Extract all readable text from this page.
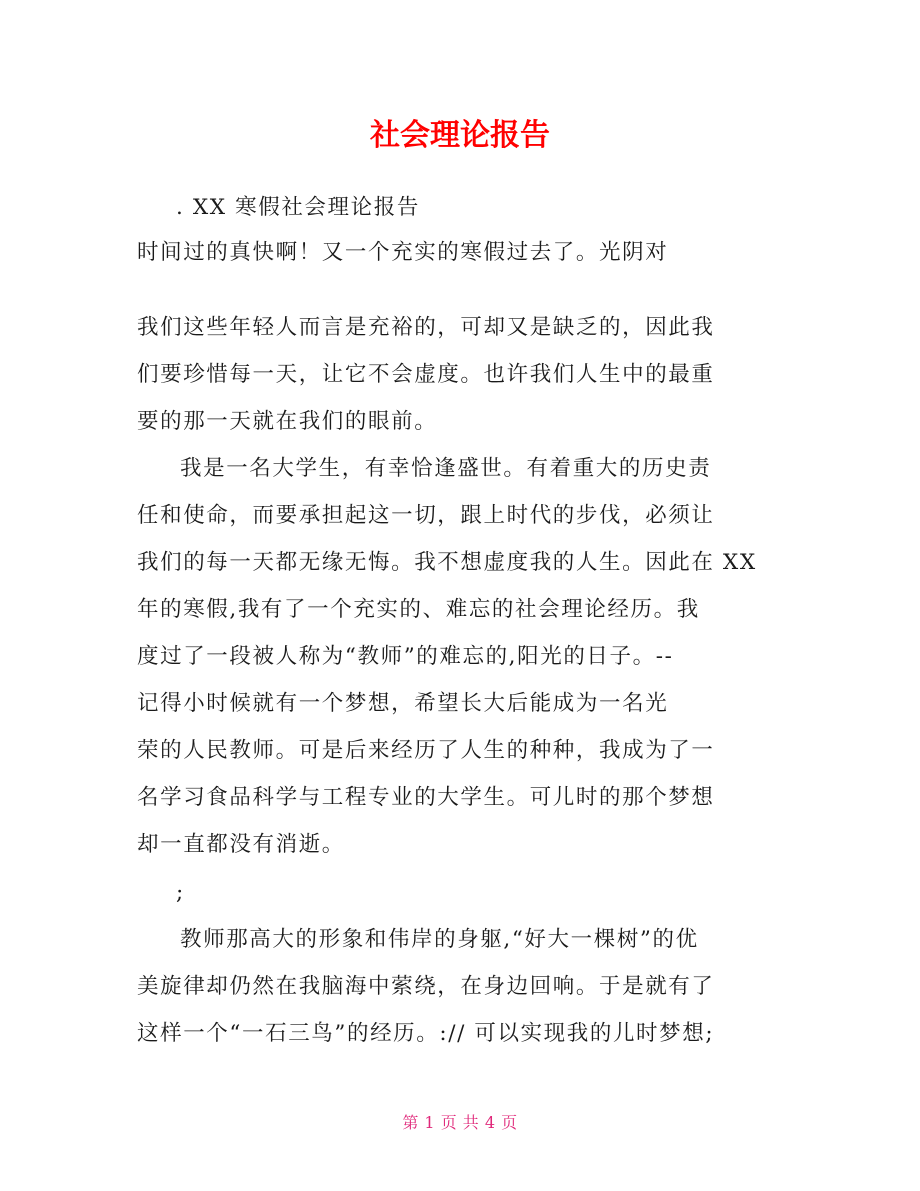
社会理论报告
. XX 寒假社会理论报告
时间过的真快啊！又一个充实的寒假过去了。光阴对
我们这些年轻人而言是充裕的，可却又是缺乏的，因此我
们要珍惜每一天，让它不会虚度。也许我们人生中的最重
要的那一天就在我们的眼前。
我是一名大学生，有幸恰逢盛世。有着重大的历史责
任和使命，而要承担起这一切，跟上时代的步伐，必须让
我们的每一天都无缘无悔。我不想虚度我的人生。因此在 XX
年的寒假,我有了一个充实的、难忘的社会理论经历。我
度过了一段被人称为“教师”的难忘的,阳光的日子。--
记得小时候就有一个梦想，希望长大后能成为一名光
荣的人民教师。可是后来经历了人生的种种，我成为了一
名学习食品科学与工程专业的大学生。可儿时的那个梦想
却一直都没有消逝。
;
教师那高大的形象和伟岸的身躯,“好大一棵树”的优
美旋律却仍然在我脑海中萦绕，在身边回响。于是就有了
这样一个“一石三鸟”的经历。:// 可以实现我的儿时梦想;
第 1 页 共 4 页
